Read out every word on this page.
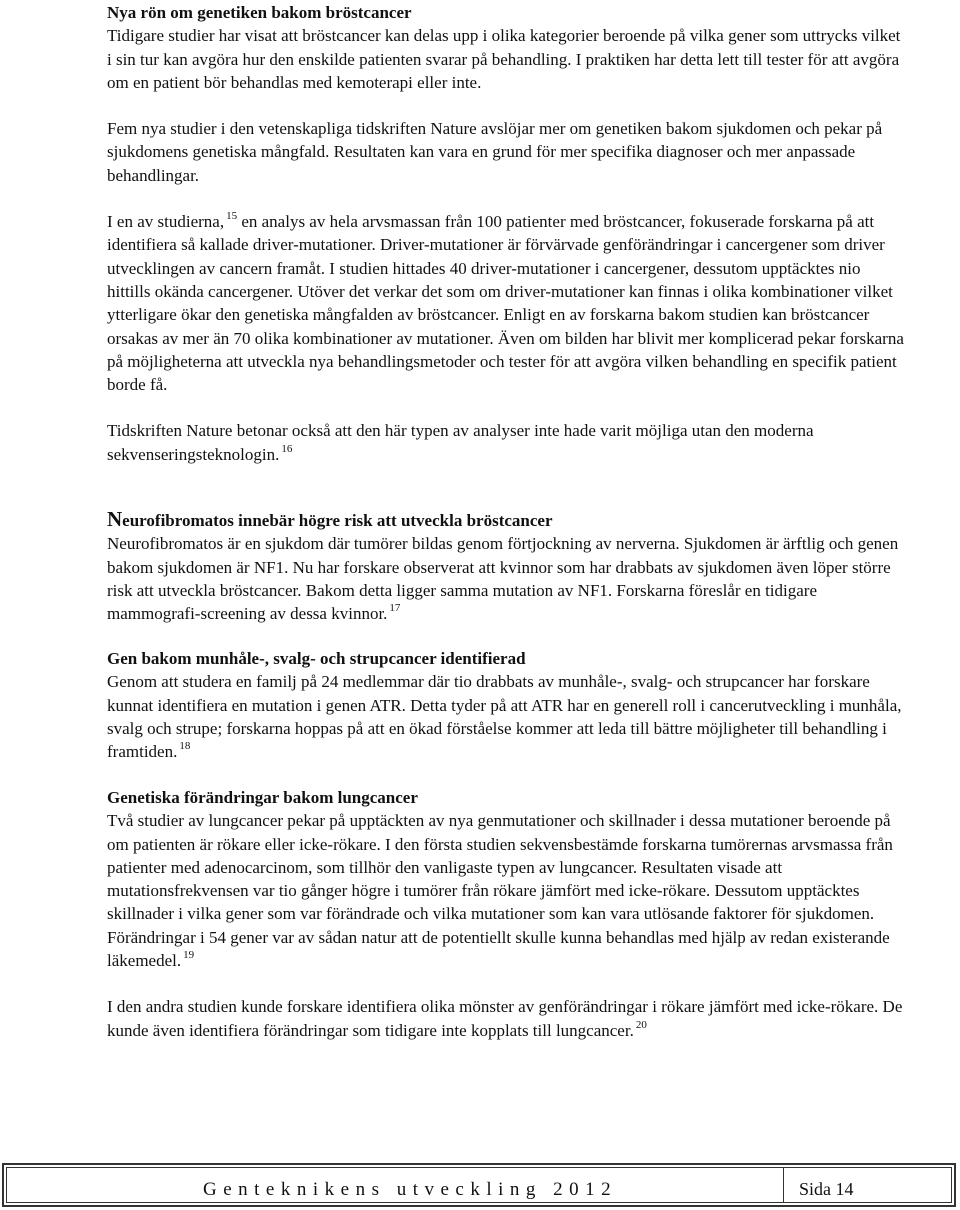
Nya rön om genetiken bakom bröstcancer

Tidigare studier har visat att bröstcancer kan delas upp i olika kategorier beroende på vilka gener som uttrycks vilket i sin tur kan avgöra hur den enskilde patienten svarar på behandling. I praktiken har detta lett till tester för att avgöra om en patient bör behandlas med kemoterapi eller inte.

Fem nya studier i den vetenskapliga tidskriften Nature avslöjar mer om genetiken bakom sjukdomen och pekar på sjukdomens genetiska mångfald. Resultaten kan vara en grund för mer specifika diagnoser och mer anpassade behandlingar.

I en av studierna, $^{15}$ en analys av hela arvsmassan från 100 patienter med bröstcancer, fokuserade forskarna på att identifiera så kallade driver-mutationer. Driver-mutationer är förvärvade genförändringar i cancergener som driver utvecklingen av cancern framåt. I studien hittades 40 driver-mutationer i cancergener, dessutom upptäcktes nio hittills okända cancergener. Utöver det verkar det som om driver-mutationer kan finnas i olika kombinationer vilket ytterligare ökar den genetiska mångfalden av bröstcancer. Enligt en av forskarna bakom studien kan bröstcancer orsakas av mer än 70 olika kombinationer av mutationer. Även om bilden har blivit mer komplicerad pekar forskarna på möjligheterna att utveckla nya behandlingsmetoder och tester för att avgöra vilken behandling en specifik patient borde få.

Tidskriften Nature betonar också att den här typen av analyser inte hade varit möjliga utan den moderna sekvenseringsteknologin. $^{16}$

Neurofibromatos innebär högre risk att utveckla bröstcancer

Neurofibromatos är en sjukdom där tumörer bildas genom förtjockning av nerverna. Sjukdomen är ärftlig och genen bakom sjukdomen är NF1. Nu har forskare observerat att kvinnor som har drabbats av sjukdomen även löper större risk att utveckla bröstcancer. Bakom detta ligger samma mutation av NF1. Forskarna föreslår en tidigare mammografi-screening av dessa kvinnor. $^{17}$

Gen bakom munhåle-, svalg- och strupcancer identifierad

Genom att studera en familj på 24 medlemmar där tio drabbats av munhåle-, svalg- och strupcancer har forskare kunnat identifiera en mutation i genen ATR. Detta tyder på att ATR har en generell roll i cancerutveckling i munhåla, svalg och strupe; forskarna hoppas på att en ökad förståelse kommer att leda till bättre möjligheter till behandling i framtiden. $^{18}$

Genetiska förändringar bakom lungcancer

Två studier av lungcancer pekar på upptäckten av nya genmutationer och skillnader i dessa mutationer beroende på om patienten är rökare eller icke-rökare. I den första studien sekvensbestämde forskarna tumörernas arvsmassa från patienter med adenocarcinom, som tillhör den vanligaste typen av lungcancer. Resultaten visade att mutationsfrekvensen var tio gånger högre i tumörer från rökare jämfört med icke-rökare. Dessutom upptäcktes skillnader i vilka gener som var förändrade och vilka mutationer som kan vara utlösande faktorer för sjukdomen. Förändringar i 54 gener var av sådan natur att de potentiellt skulle kunna behandlas med hjälp av redan existerande läkemedel. $^{19}$

I den andra studien kunde forskare identifiera olika mönster av genförändringar i rökare jämfört med icke-rökare. De kunde även identifiera förändringar som tidigare inte kopplats till lungcancer. $^{20}$

Genteknikens utveckling 2012	Sida 14
